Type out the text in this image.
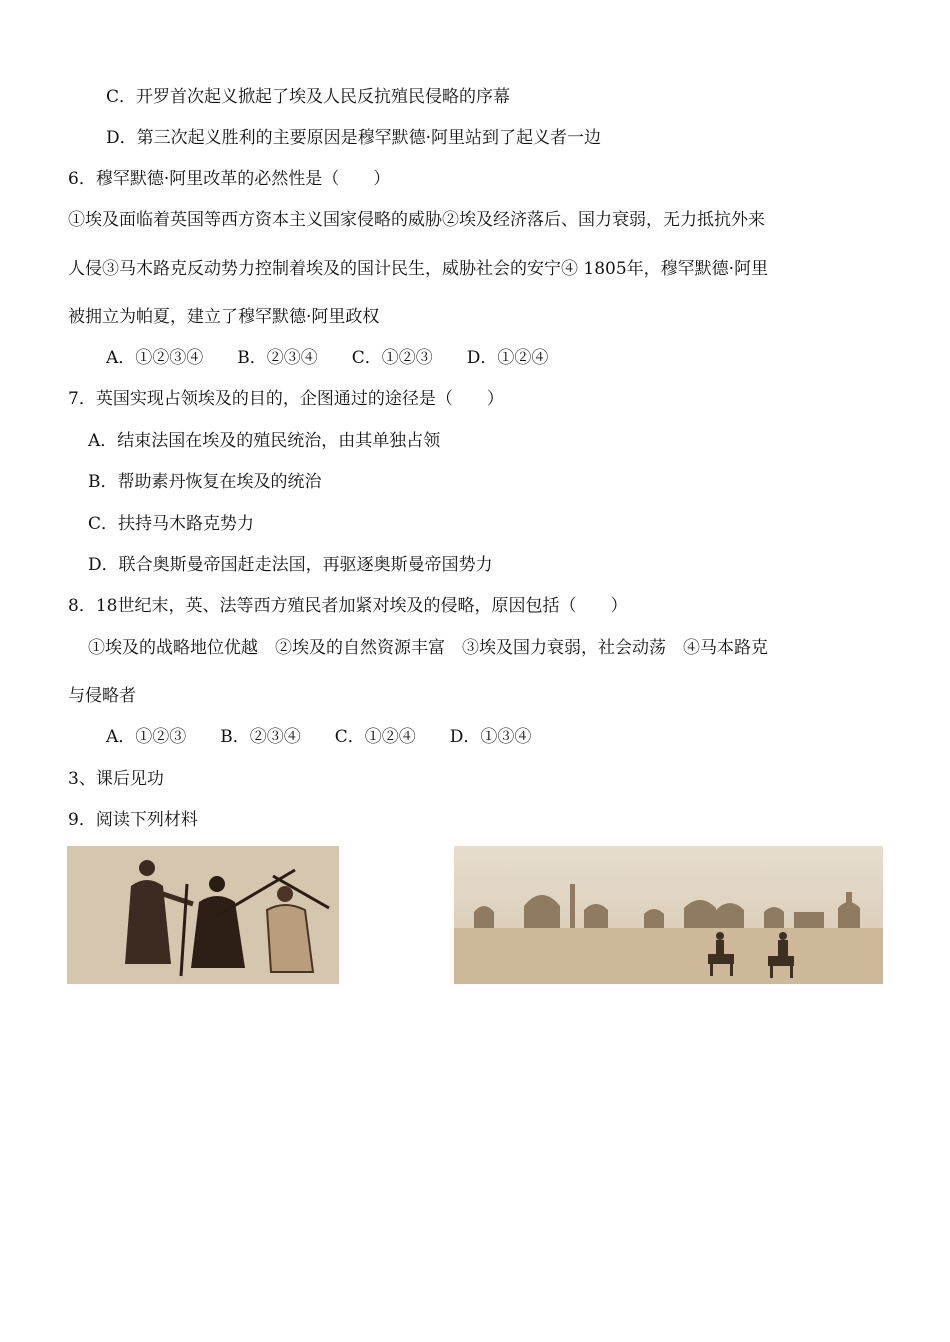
C．开罗首次起义掀起了埃及人民反抗殖民侵略的序幕
D．第三次起义胜利的主要原因是穆罕默德·阿里站到了起义者一边
6．穆罕默德·阿里改革的必然性是（　　）
①埃及面临着英国等西方资本主义国家侵略的威胁②埃及经济落后、国力衰弱，无力抵抗外来
人侵③马木路克反动势力控制着埃及的国计民生，威胁社会的安宁④ 1805年，穆罕默德·阿里
被拥立为帕夏，建立了穆罕默德·阿里政权
A．①②③④　　B．②③④　　C．①②③　　D．①②④
7．英国实现占领埃及的目的，企图通过的途径是（　　）
A．结束法国在埃及的殖民统治，由其单独占领
B．帮助素丹恢复在埃及的统治
C．扶持马木路克势力
D．联合奥斯曼帝国赶走法国，再驱逐奥斯曼帝国势力
8．18世纪末，英、法等西方殖民者加紧对埃及的侵略，原因包括（　　）
①埃及的战略地位优越　②埃及的自然资源丰富　③埃及国力衰弱，社会动荡　④马本路克
与侵略者
A．①②③　　B．②③④　　C．①②④　　D．①③④
3、课后见功
9．阅读下列材料
